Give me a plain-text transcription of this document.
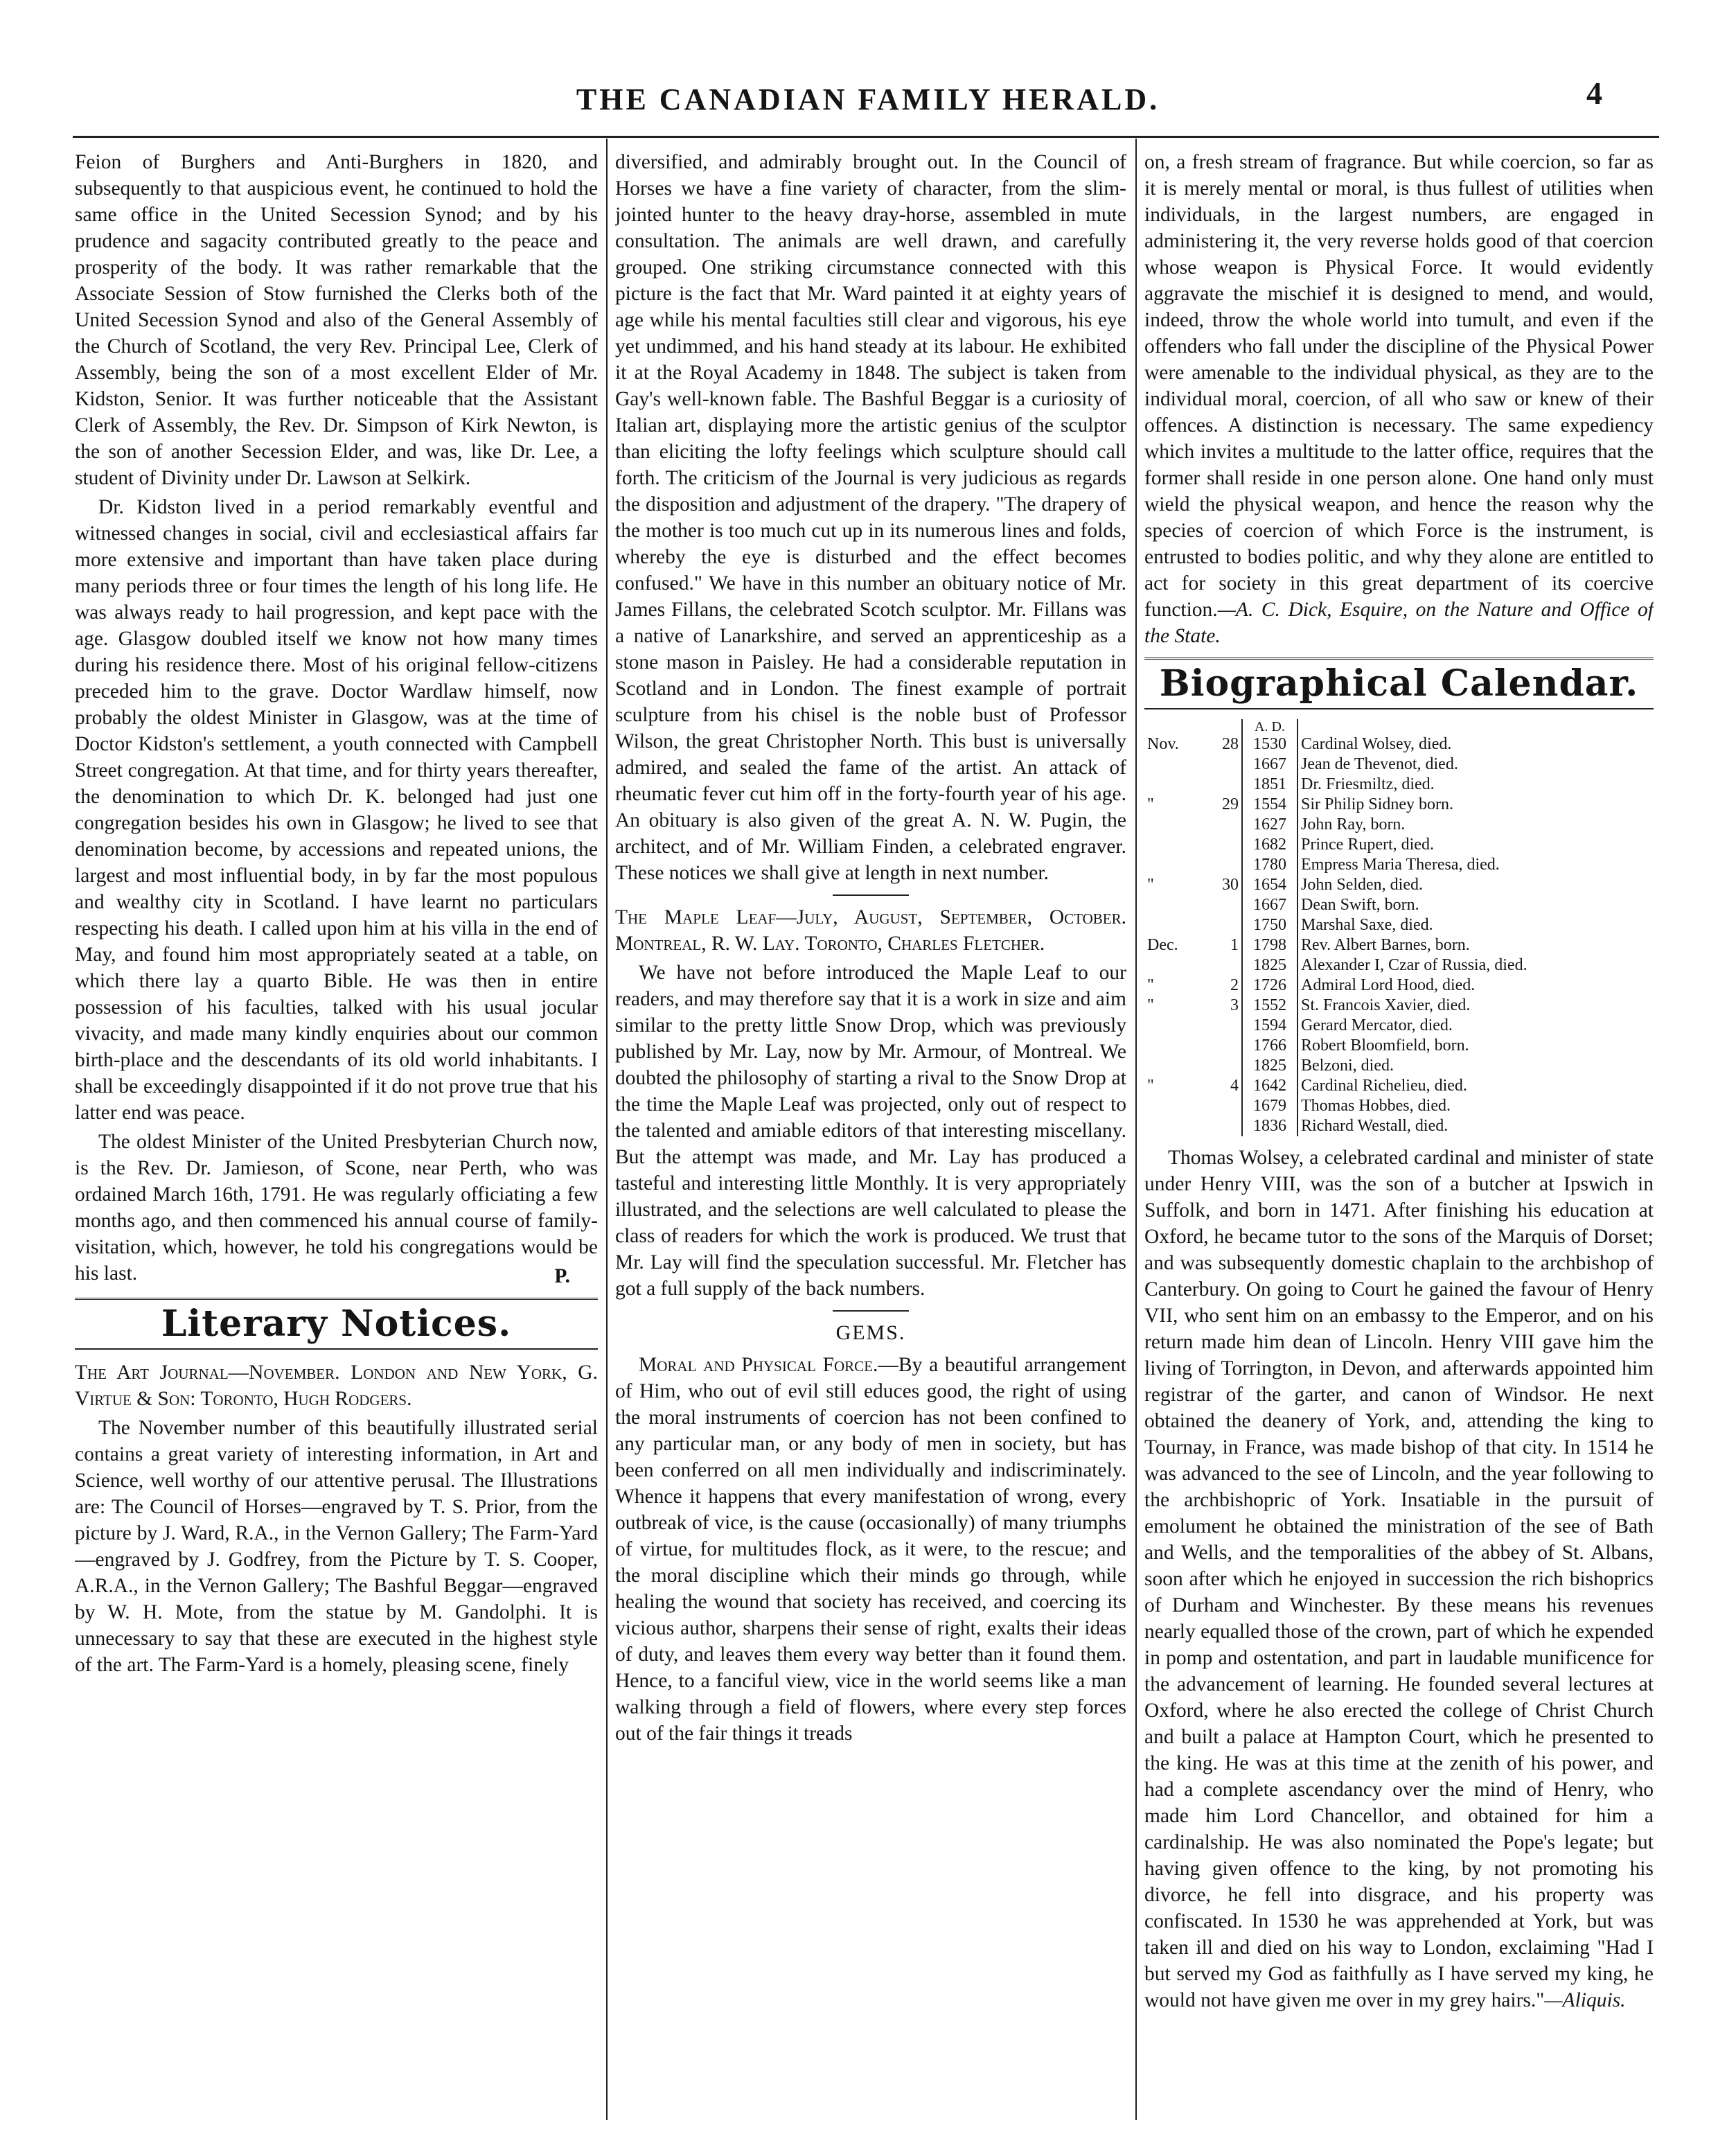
THE CANADIAN FAMILY HERALD.	4

Feion of Burghers and Anti-Burghers in 1820, and subsequently to that auspicious event, he continued to hold the same office in the United Secession Synod; and by his prudence and sagacity contributed greatly to the peace and prosperity of the body. It was rather remarkable that the Associate Session of Stow furnished the Clerks both of the United Secession Synod and also of the General Assembly of the Church of Scotland, the very Rev. Principal Lee, Clerk of Assembly, being the son of a most excellent Elder of Mr. Kidston, Senior. It was further noticeable that the Assistant Clerk of Assembly, the Rev. Dr. Simpson of Kirk Newton, is the son of another Secession Elder, and was, like Dr. Lee, a student of Divinity under Dr. Lawson at Selkirk.

Dr. Kidston lived in a period remarkably eventful and witnessed changes in social, civil and ecclesiastical affairs far more extensive and important than have taken place during many periods three or four times the length of his long life. He was always ready to hail progression, and kept pace with the age. Glasgow doubled itself we know not how many times during his residence there. Most of his original fellow-citizens preceded him to the grave. Doctor Wardlaw himself, now probably the oldest Minister in Glasgow, was at the time of Doctor Kidston's settlement, a youth connected with Campbell Street congregation. At that time, and for thirty years thereafter, the denomination to which Dr. K. belonged had just one congregation besides his own in Glasgow; he lived to see that denomination become, by accessions and repeated unions, the largest and most influential body, in by far the most populous and wealthy city in Scotland. I have learnt no particulars respecting his death. I called upon him at his villa in the end of May, and found him most appropriately seated at a table, on which there lay a quarto Bible. He was then in entire possession of his faculties, talked with his usual jocular vivacity, and made many kindly enquiries about our common birth-place and the descendants of its old world inhabitants. I shall be exceedingly disappointed if it do not prove true that his latter end was peace.

The oldest Minister of the United Presbyterian Church now, is the Rev. Dr. Jamieson, of Scone, near Perth, who was ordained March 16th, 1791. He was regularly officiating a few months ago, and then commenced his annual course of family-visitation, which, however, he told his congregations would be his last.	P.
Literary Notices.

The Art Journal—November. London and New York, G. Virtue & Son: Toronto, Hugh Rodgers.

The November number of this beautifully illustrated serial contains a great variety of interesting information, in Art and Science, well worthy of our attentive perusal. The Illustrations are: The Council of Horses—engraved by T. S. Prior, from the picture by J. Ward, R.A., in the Vernon Gallery; The Farm-Yard—engraved by J. Godfrey, from the Picture by T. S. Cooper, A.R.A., in the Vernon Gallery; The Bashful Beggar—engraved by W. H. Mote, from the statue by M. Gandolphi. It is unnecessary to say that these are executed in the highest style of the art. The Farm-Yard is a homely, pleasing scene, finely

diversified, and admirably brought out. In the Council of Horses we have a fine variety of character, from the slim-jointed hunter to the heavy dray-horse, assembled in mute consultation. The animals are well drawn, and carefully grouped. One striking circumstance connected with this picture is the fact that Mr. Ward painted it at eighty years of age while his mental faculties still clear and vigorous, his eye yet undimmed, and his hand steady at its labour. He exhibited it at the Royal Academy in 1848. The subject is taken from Gay's well-known fable. The Bashful Beggar is a curiosity of Italian art, displaying more the artistic genius of the sculptor than eliciting the lofty feelings which sculpture should call forth. The criticism of the Journal is very judicious as regards the disposition and adjustment of the drapery. "The drapery of the mother is too much cut up in its numerous lines and folds, whereby the eye is disturbed and the effect becomes confused." We have in this number an obituary notice of Mr. James Fillans, the celebrated Scotch sculptor. Mr. Fillans was a native of Lanarkshire, and served an apprenticeship as a stone mason in Paisley. He had a considerable reputation in Scotland and in London. The finest example of portrait sculpture from his chisel is the noble bust of Professor Wilson, the great Christopher North. This bust is universally admired, and sealed the fame of the artist. An attack of rheumatic fever cut him off in the forty-fourth year of his age. An obituary is also given of the great A. N. W. Pugin, the architect, and of Mr. William Finden, a celebrated engraver. These notices we shall give at length in next number.

The Maple Leaf—July, August, September, October. Montreal, R. W. Lay. Toronto, Charles Fletcher.

We have not before introduced the Maple Leaf to our readers, and may therefore say that it is a work in size and aim similar to the pretty little Snow Drop, which was previously published by Mr. Lay, now by Mr. Armour, of Montreal. We doubted the philosophy of starting a rival to the Snow Drop at the time the Maple Leaf was projected, only out of respect to the talented and amiable editors of that interesting miscellany. But the attempt was made, and Mr. Lay has produced a tasteful and interesting little Monthly. It is very appropriately illustrated, and the selections are well calculated to please the class of readers for which the work is produced. We trust that Mr. Lay will find the speculation successful. Mr. Fletcher has got a full supply of the back numbers.

GEMS.

Moral and Physical Force.—By a beautiful arrangement of Him, who out of evil still educes good, the right of using the moral instruments of coercion has not been confined to any particular man, or any body of men in society, but has been conferred on all men individually and indiscriminately. Whence it happens that every manifestation of wrong, every outbreak of vice, is the cause (occasionally) of many triumphs of virtue, for multitudes flock, as it were, to the rescue; and the moral discipline which their minds go through, while healing the wound that society has received, and coercing its vicious author, sharpens their sense of right, exalts their ideas of duty, and leaves them every way better than it found them. Hence, to a fanciful view, vice in the world seems like a man walking through a field of flowers, where every step forces out of the fair things it treads

on, a fresh stream of fragrance. But while coercion, so far as it is merely mental or moral, is thus fullest of utilities when individuals, in the largest numbers, are engaged in administering it, the very reverse holds good of that coercion whose weapon is Physical Force. It would evidently aggravate the mischief it is designed to mend, and would, indeed, throw the whole world into tumult, and even if the offenders who fall under the discipline of the Physical Power were amenable to the individual physical, as they are to the individual moral, coercion, of all who saw or knew of their offences. A distinction is necessary. The same expediency which invites a multitude to the latter office, requires that the former shall reside in one person alone. One hand only must wield the physical weapon, and hence the reason why the species of coercion of which Force is the instrument, is entrusted to bodies politic, and why they alone are entitled to act for society in this great department of its coercive function.—A. C. Dick, Esquire, on the Nature and Office of the State.

Biographical Calendar.
		A. D.	
Nov.	28	1530	Cardinal Wolsey, died.
		1667	Jean de Thevenot, died.
		1851	Dr. Friesmiltz, died.
"	29	1554	Sir Philip Sidney born.
		1627	John Ray, born.
		1682	Prince Rupert, died.
		1780	Empress Maria Theresa, died.
"	30	1654	John Selden, died.
		1667	Dean Swift, born.
		1750	Marshal Saxe, died.
Dec.	1	1798	Rev. Albert Barnes, born.
		1825	Alexander I, Czar of Russia, died.
"	2	1726	Admiral Lord Hood, died.
"	3	1552	St. Francois Xavier, died.
		1594	Gerard Mercator, died.
		1766	Robert Bloomfield, born.
		1825	Belzoni, died.
"	4	1642	Cardinal Richelieu, died.
		1679	Thomas Hobbes, died.
		1836	Richard Westall, died.

Thomas Wolsey, a celebrated cardinal and minister of state under Henry VIII, was the son of a butcher at Ipswich in Suffolk, and born in 1471. After finishing his education at Oxford, he became tutor to the sons of the Marquis of Dorset; and was subsequently domestic chaplain to the archbishop of Canterbury. On going to Court he gained the favour of Henry VII, who sent him on an embassy to the Emperor, and on his return made him dean of Lincoln. Henry VIII gave him the living of Torrington, in Devon, and afterwards appointed him registrar of the garter, and canon of Windsor. He next obtained the deanery of York, and, attending the king to Tournay, in France, was made bishop of that city. In 1514 he was advanced to the see of Lincoln, and the year following to the archbishopric of York. Insatiable in the pursuit of emolument he obtained the ministration of the see of Bath and Wells, and the temporalities of the abbey of St. Albans, soon after which he enjoyed in succession the rich bishoprics of Durham and Winchester. By these means his revenues nearly equalled those of the crown, part of which he expended in pomp and ostentation, and part in laudable munificence for the advancement of learning. He founded several lectures at Oxford, where he also erected the college of Christ Church and built a palace at Hampton Court, which he presented to the king. He was at this time at the zenith of his power, and had a complete ascendancy over the mind of Henry, who made him Lord Chancellor, and obtained for him a cardinalship. He was also nominated the Pope's legate; but having given offence to the king, by not promoting his divorce, he fell into disgrace, and his property was confiscated. In 1530 he was apprehended at York, but was taken ill and died on his way to London, exclaiming "Had I but served my God as faithfully as I have served my king, he would not have given me over in my grey hairs."—Aliquis.
